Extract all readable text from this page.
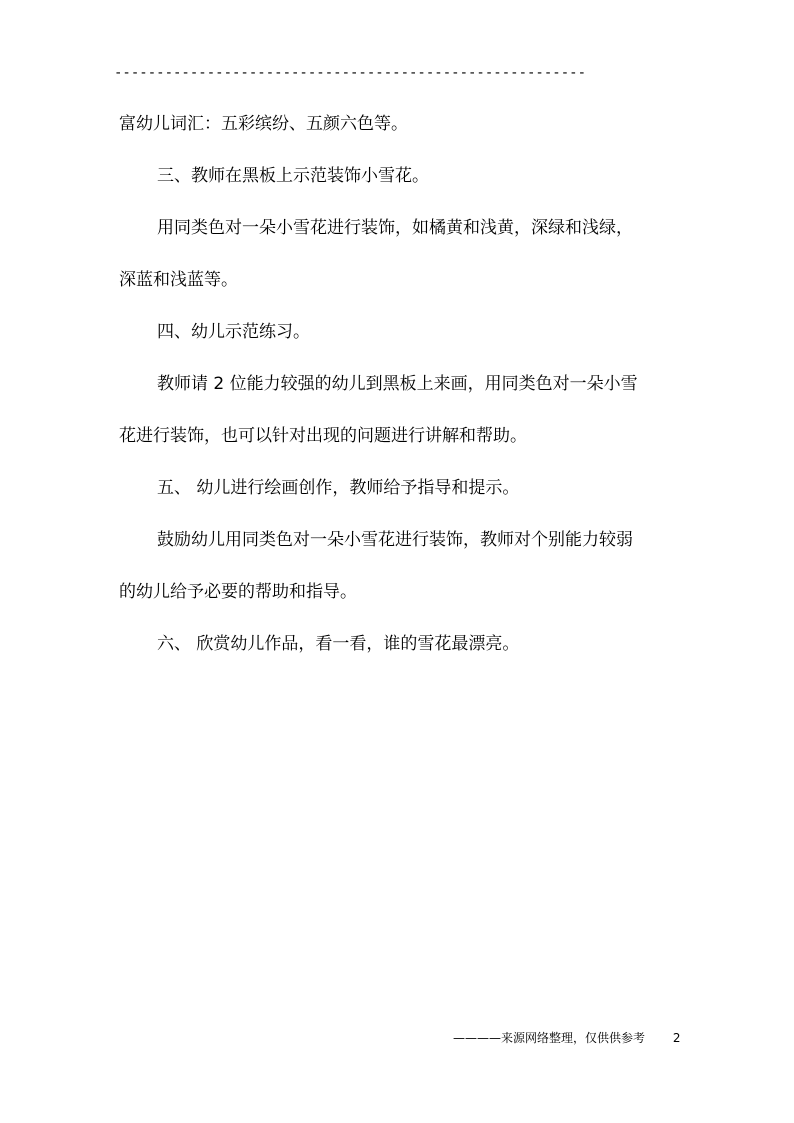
--------------------------------------------------------

富幼儿词汇：五彩缤纷、五颜六色等。

三、教师在黑板上示范装饰小雪花。

用同类色对一朵小雪花进行装饰，如橘黄和浅黄，深绿和浅绿，

深蓝和浅蓝等。

四、幼儿示范练习。

教师请 2 位能力较强的幼儿到黑板上来画，用同类色对一朵小雪

花进行装饰，也可以针对出现的问题进行讲解和帮助。

五、 幼儿进行绘画创作，教师给予指导和提示。

鼓励幼儿用同类色对一朵小雪花进行装饰，教师对个别能力较弱

的幼儿给予必要的帮助和指导。

六、 欣赏幼儿作品，看一看，谁的雪花最漂亮。

————来源网络整理，仅供供参考 2
